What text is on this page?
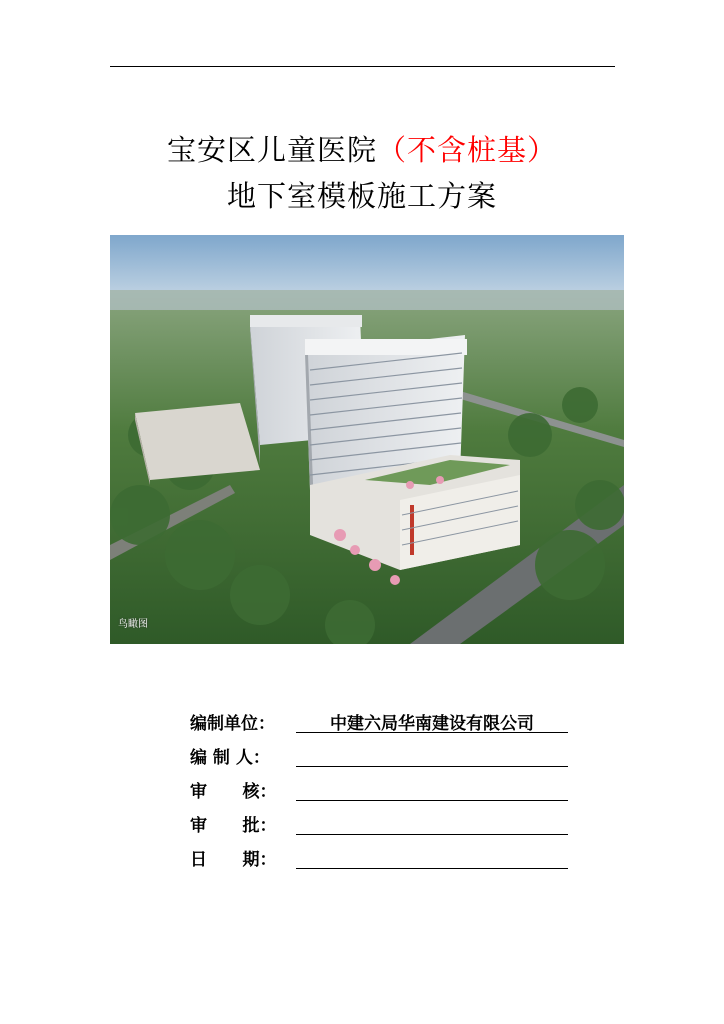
宝安区儿童医院（不含桩基）
地下室模板施工方案
鸟瞰图
编制单位：	中建六局华南建设有限公司
编 制 人：
审      核：
审      批：
日      期：
